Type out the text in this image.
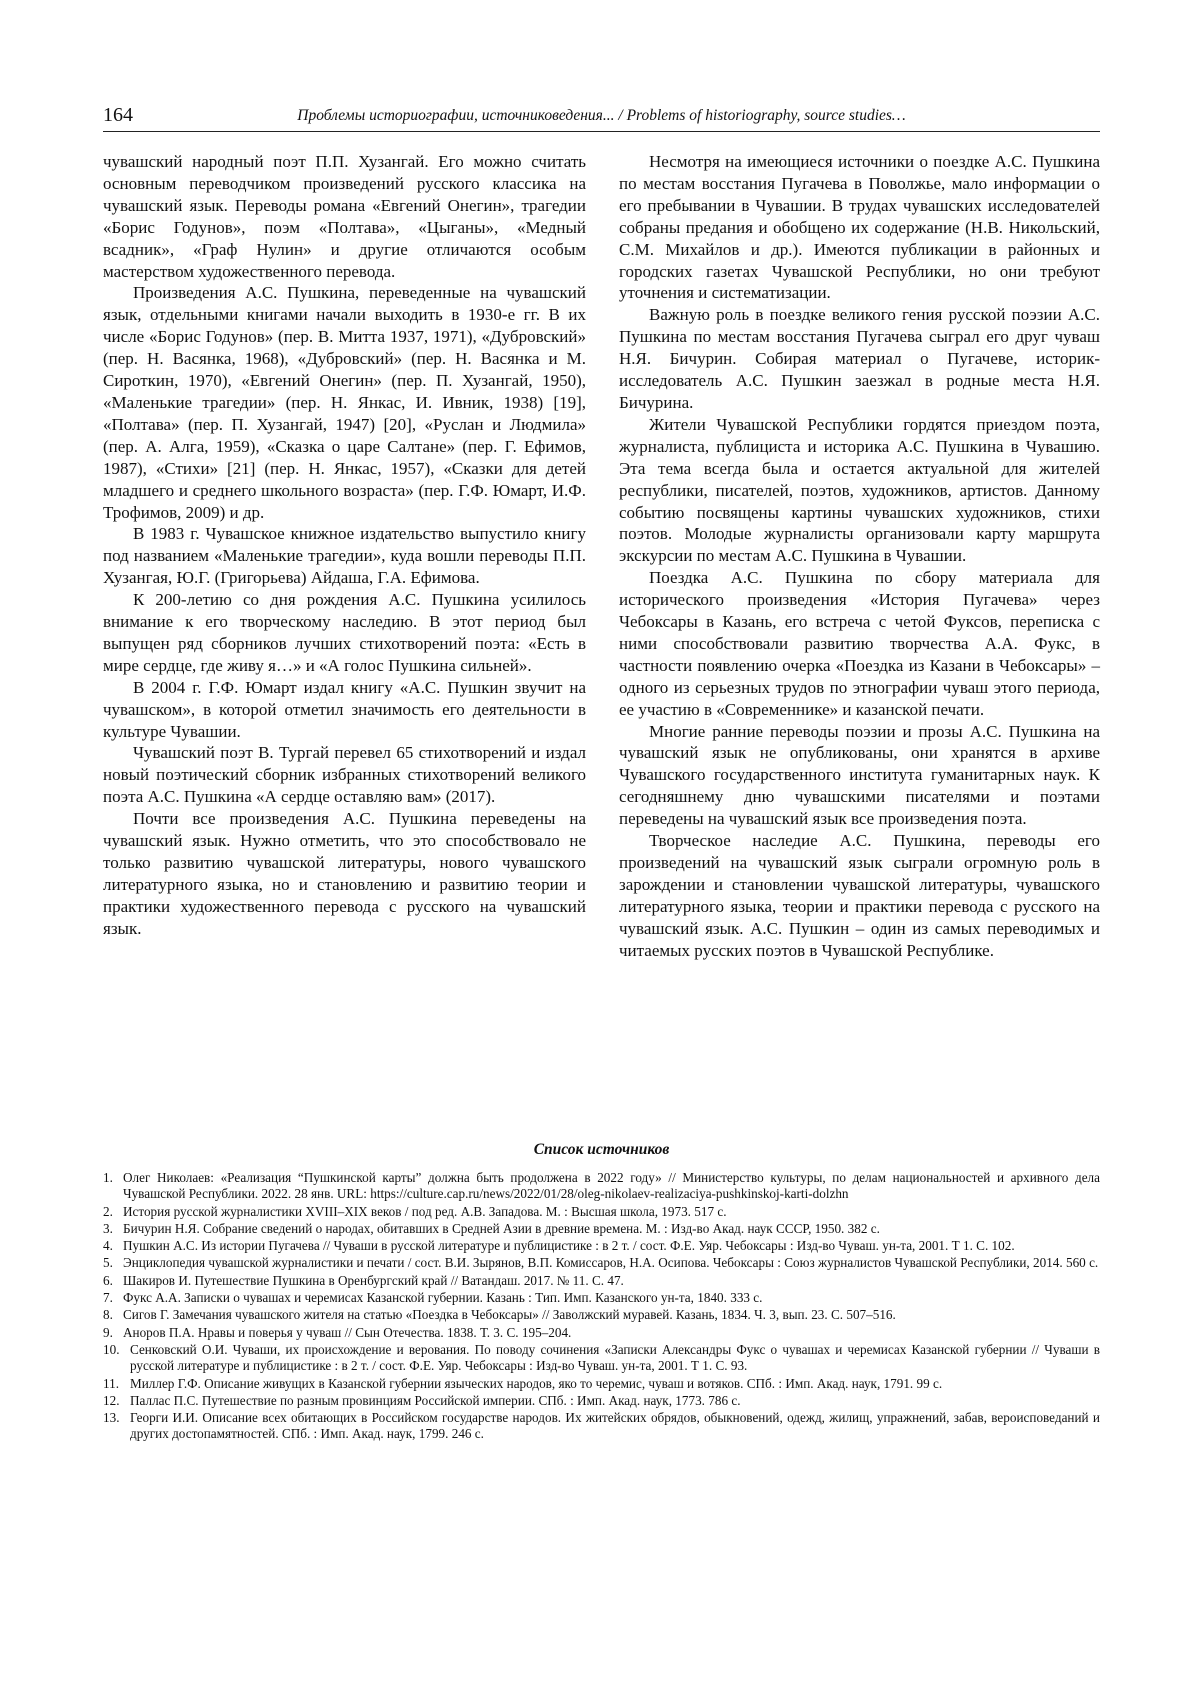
164	Проблемы историографии, источниковедения... / Problems of historiography, source studies…

чувашский народный поэт П.П. Хузангай. Его можно считать основным переводчиком произведений русского классика на чувашский язык. Переводы романа «Евгений Онегин», трагедии «Борис Годунов», поэм «Полтава», «Цыганы», «Медный всадник», «Граф Нулин» и другие отличаются особым мастерством художественного перевода.

Произведения А.С. Пушкина, переведенные на чувашский язык, отдельными книгами начали выходить в 1930-е гг. В их числе «Борис Годунов» (пер. В. Митта 1937, 1971), «Дубровский» (пер. Н. Васянка, 1968), «Дубровский» (пер. Н. Васянка и М. Сироткин, 1970), «Евгений Онегин» (пер. П. Хузангай, 1950), «Маленькие трагедии» (пер. Н. Янкас, И. Ивник, 1938) [19], «Полтава» (пер. П. Хузангай, 1947) [20], «Руслан и Людмила» (пер. А. Алга, 1959), «Сказка о царе Салтане» (пер. Г. Ефимов, 1987), «Стихи» [21] (пер. Н. Янкас, 1957), «Сказки для детей младшего и среднего школьного возраста» (пер. Г.Ф. Юмарт, И.Ф. Трофимов, 2009) и др.

В 1983 г. Чувашское книжное издательство выпустило книгу под названием «Маленькие трагедии», куда вошли переводы П.П. Хузангая, Ю.Г. (Григорьева) Айдаша, Г.А. Ефимова.

К 200-летию со дня рождения А.С. Пушкина усилилось внимание к его творческому наследию. В этот период был выпущен ряд сборников лучших стихотворений поэта: «Есть в мире сердце, где живу я…» и «А голос Пушкина сильней».

В 2004 г. Г.Ф. Юмарт издал книгу «А.С. Пушкин звучит на чувашском», в которой отметил значимость его деятельности в культуре Чувашии.

Чувашский поэт В. Тургай перевел 65 стихотворений и издал новый поэтический сборник избранных стихотворений великого поэта А.С. Пушкина «А сердце оставляю вам» (2017).

Почти все произведения А.С. Пушкина переведены на чувашский язык. Нужно отметить, что это способствовало не только развитию чувашской литературы, нового чувашского литературного языка, но и становлению и развитию теории и практики художественного перевода с русского на чувашский язык.

Несмотря на имеющиеся источники о поездке А.С. Пушкина по местам восстания Пугачева в Поволжье, мало информации о его пребывании в Чувашии. В трудах чувашских исследователей собраны предания и обобщено их содержание (Н.В. Никольский, С.М. Михайлов и др.). Имеются публикации в районных и городских газетах Чувашской Республики, но они требуют уточнения и систематизации.

Важную роль в поездке великого гения русской поэзии А.С. Пушкина по местам восстания Пугачева сыграл его друг чуваш Н.Я. Бичурин. Собирая материал о Пугачеве, историк-исследователь А.С. Пушкин заезжал в родные места Н.Я. Бичурина.

Жители Чувашской Республики гордятся приездом поэта, журналиста, публициста и историка А.С. Пушкина в Чувашию. Эта тема всегда была и остается актуальной для жителей республики, писателей, поэтов, художников, артистов. Данному событию посвящены картины чувашских художников, стихи поэтов. Молодые журналисты организовали карту маршрута экскурсии по местам А.С. Пушкина в Чувашии.

Поездка А.С. Пушкина по сбору материала для исторического произведения «История Пугачева» через Чебоксары в Казань, его встреча с четой Фуксов, переписка с ними способствовали развитию творчества А.А. Фукс, в частности появлению очерка «Поездка из Казани в Чебоксары» – одного из серьезных трудов по этнографии чуваш этого периода, ее участию в «Современнике» и казанской печати.

Многие ранние переводы поэзии и прозы А.С. Пушкина на чувашский язык не опубликованы, они хранятся в архиве Чувашского государственного института гуманитарных наук. К сегодняшнему дню чувашскими писателями и поэтами переведены на чувашский язык все произведения поэта.

Творческое наследие А.С. Пушкина, переводы его произведений на чувашский язык сыграли огромную роль в зарождении и становлении чувашской литературы, чувашского литературного языка, теории и практики перевода с русского на чувашский язык. А.С. Пушкин – один из самых переводимых и читаемых русских поэтов в Чувашской Республике.

Список источников
1. Олег Николаев: «Реализация “Пушкинской карты” должна быть продолжена в 2022 году» // Министерство культуры, по делам национальностей и архивного дела Чувашской Республики. 2022. 28 янв. URL: https://culture.cap.ru/news/2022/01/28/oleg-nikolaev-realizaciya-pushkinskoj-karti-dolzhn
2. История русской журналистики XVIII–XIX веков / под ред. А.В. Западова. М. : Высшая школа, 1973. 517 с.
3. Бичурин Н.Я. Собрание сведений о народах, обитавших в Средней Азии в древние времена. М. : Изд-во Акад. наук СССР, 1950. 382 с.
4. Пушкин А.С. Из истории Пугачева // Чуваши в русской литературе и публицистике : в 2 т. / сост. Ф.Е. Уяр. Чебоксары : Изд-во Чуваш. ун-та, 2001. Т 1. С. 102.
5. Энциклопедия чувашской журналистики и печати / сост. В.И. Зырянов, В.П. Комиссаров, Н.А. Осипова. Чебоксары : Союз журналистов Чувашской Республики, 2014. 560 с.
6. Шакиров И. Путешествие Пушкина в Оренбургский край // Ватандаш. 2017. № 11. С. 47.
7. Фукс А.А. Записки о чувашах и черемисах Казанской губернии. Казань : Тип. Имп. Казанского ун-та, 1840. 333 с.
8. Сигов Г. Замечания чувашского жителя на статью «Поездка в Чебоксары» // Заволжский муравей. Казань, 1834. Ч. 3, вып. 23. С. 507–516.
9. Аноров П.А. Нравы и поверья у чуваш // Сын Отечества. 1838. Т. 3. С. 195–204.
10. Сенковский О.И. Чуваши, их происхождение и верования. По поводу сочинения «Записки Александры Фукс о чувашах и черемисах Казанской губернии // Чуваши в русской литературе и публицистике : в 2 т. / сост. Ф.Е. Уяр. Чебоксары : Изд-во Чуваш. ун-та, 2001. Т 1. С. 93.
11. Миллер Г.Ф. Описание живущих в Казанской губернии языческих народов, яко то черемис, чуваш и вотяков. СПб. : Имп. Акад. наук, 1791. 99 с.
12. Паллас П.С. Путешествие по разным провинциям Российской империи. СПб. : Имп. Акад. наук, 1773. 786 с.
13. Георги И.И. Описание всех обитающих в Российском государстве народов. Их житейских обрядов, обыкновений, одежд, жилищ, упражнений, забав, вероисповеданий и других достопамятностей. СПб. : Имп. Акад. наук, 1799. 246 с.
